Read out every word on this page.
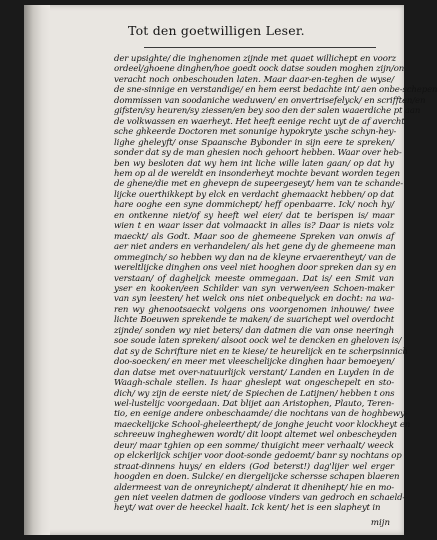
Tot den goetwilligen Leser.
der upsighte/ die inghenomen zijnde met quaet willichept en voorz
ordeel/ghoene dinghen/hoe goedt oock datse souden moghen zijn/on
veracht noch onbeschouden laten. Maar daar-en-teghen de wyse/
de sne-sinnige en verstandige/ en hem eerst bedachte int/ aen onbe-schepen
dommissen van soodaniche weduwen/ en onvertrisefelyck/ en scrifften/en
gifsten/sy heuren/sy ziessen/en bey soo den der salen waaerdiche pt aan
de volkwassen en waerheyt. Het heeft eenige recht uyt de af avercht
sche ghkeerde Doctoren met sonunige hypokryte ysche schyn-hey-
lighe gheleyft/ onse Spaansche Bybonder in sijn eere te spreken/
sonder dat sy de man ghesien noch gehoort hebben. Waar over heb-
ben wy besloten dat wy hem int liche wille laten gaan/ op dat hy
hem op al de wereldt en insonderheyt mochte bevant worden tegen
de ghene/die met en ghevepn de supeergeseyt/ hem van te schande-
lijcke ouerthikkept by elck en verdacht ghemaackt hebben/ op dat
hare ooghe een syne dommichept/ heff openbaarre. Ick/ noch hy/
en ontkenne niet/of sy heeft wel eier/ dat te berispen is/ maar
wien t en waar isser dat volmaackt in alles is? Daar is niets volz
maeckt/ als Godt. Maar soo de ghemeene Spreken van onwis af
aer niet anders en verhandelen/ als het gene dy de ghemeene man
ommeginch/ so hebben wy dan na de kleyne ervaerentheyt/ van de
wereltlijcke dinghen ons veel niet hooghen door spreken dan sy en
verstaan/ of dagheljck meeste ommegaan. Dat is/ een Smit van
yser en kooken/een Schilder van syn verwen/een Schoen-maker
van syn leesten/ het welck ons niet onbequelyck en docht: na wa-
ren wy ghenootsaeckt volgens ons voorgenomen inhouwe/ twee
lichte Boeuwen sprekende te maken/ de suarichept wel overdocht
zijnde/ sonden wy niet beters/ dan datmen die van onse neeringh
soe soude laten spreken/ alsoot oock wel te dencken en gheloven is/
dat sy de Schrifture niet en te kiese/ te heurelijck en te scherpsinnich
doo-soecken/ en meer met vleeschelijcke dinghen haar bemoeyen/
dan datse met over-natuurlijck verstant/ Landen en Luyden in de
Waagh-schale stellen. Is haar gheslept wat ongeschepelt en sto-
dich/ wy zijn de eerste niet/ de Spiechen de Latijnen/ hebben t ons
wel-lustelijc voorgedaan. Dat blijet aan Aristophen, Plauto, Teren-
tio, en eenige andere onbeschaamde/ die nochtans van de hoghbewy-
maeckelijcke School-gheleerthept/ de jonghe jeucht voor klockheyt en
schreeuw ingheghewen wordt/ dit loopt altemet wel onbescheyden
deur/ maar tghien op een somme/ thuigicht meer verhaalt/ weeck
op elckerlijck schijer voor doot-sonde gedoemt/ banr sy nochtans op
straat-dinnens huys/ en elders (God beterst!) dag'lijer wel erger
hoogden en doen. Sulcke/ en diergelijcke schersse schapen blaeren
aldermeest van de onreynichept/ alnderat it dhenihept/ hie en mo-
gen niet veelen datmen de godloose vinders van gedroch en schaeld-
heyt/ wat over de heeckel haalt. Ick kent/ het is een slapheyt in
mijn
